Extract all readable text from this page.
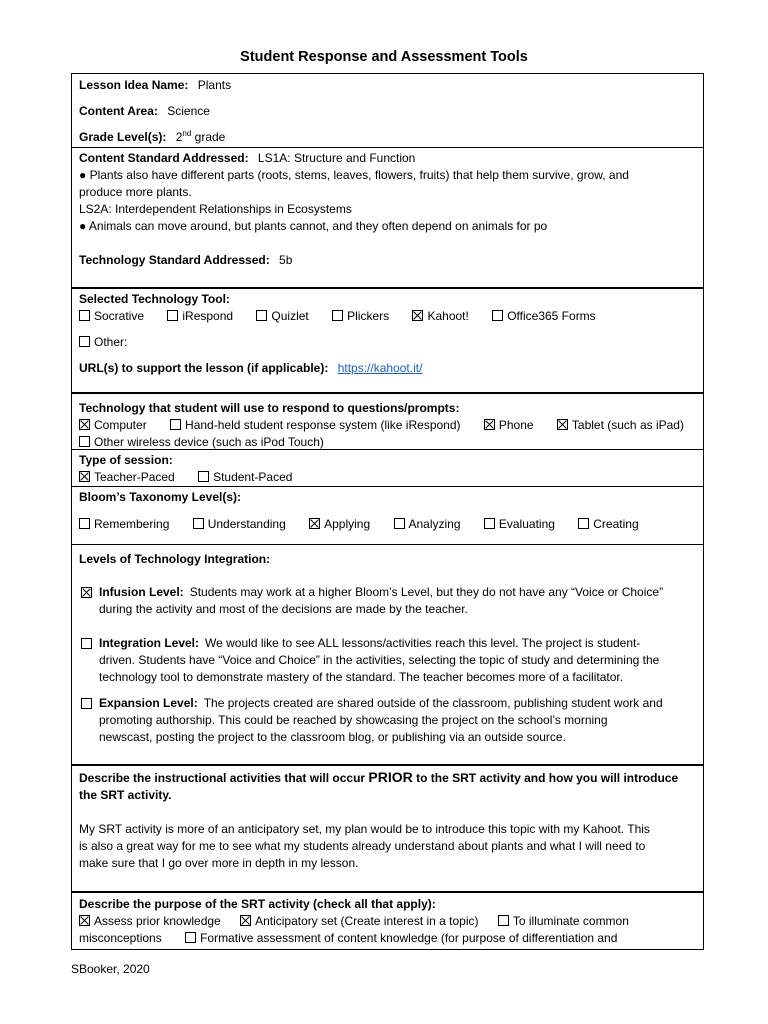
Student Response and Assessment Tools
Lesson Idea Name: Plants
Content Area: Science
Grade Level(s): 2nd grade
Content Standard Addressed: LS1A: Structure and Function
● Plants also have different parts (roots, stems, leaves, flowers, fruits) that help them survive, grow, and
produce more plants.
LS2A: Interdependent Relationships in Ecosystems
● Animals can move around, but plants cannot, and they often depend on animals for po
Technology Standard Addressed: 5b
Selected Technology Tool:
Socrative	iRespond	Quizlet	Plickers	Kahoot!	Office365 Forms
Other:
URL(s) to support the lesson (if applicable): https://kahoot.it/
Technology that student will use to respond to questions/prompts:
Computer	Hand-held student response system (like iRespond)	Phone	Tablet (such as iPad)
Other wireless device (such as iPod Touch)
Type of session:
Teacher-Paced	Student-Paced
Bloom’s Taxonomy Level(s):
Remembering	Understanding	Applying	Analyzing	Evaluating	Creating
Levels of Technology Integration:
Infusion Level: Students may work at a higher Bloom’s Level, but they do not have any “Voice or Choice”
during the activity and most of the decisions are made by the teacher.
Integration Level: We would like to see ALL lessons/activities reach this level. The project is student-
driven. Students have “Voice and Choice” in the activities, selecting the topic of study and determining the
technology tool to demonstrate mastery of the standard. The teacher becomes more of a facilitator.
Expansion Level: The projects created are shared outside of the classroom, publishing student work and
promoting authorship. This could be reached by showcasing the project on the school’s morning
newscast, posting the project to the classroom blog, or publishing via an outside source.
Describe the instructional activities that will occur PRIOR to the SRT activity and how you will introduce
the SRT activity.
My SRT activity is more of an anticipatory set, my plan would be to introduce this topic with my Kahoot. This
is also a great way for me to see what my students already understand about plants and what I will need to
make sure that I go over more in depth in my lesson.
Describe the purpose of the SRT activity (check all that apply):
Assess prior knowledge	Anticipatory set (Create interest in a topic)	To illuminate common
misconceptions	Formative assessment of content knowledge (for purpose of differentiation and
SBooker, 2020
